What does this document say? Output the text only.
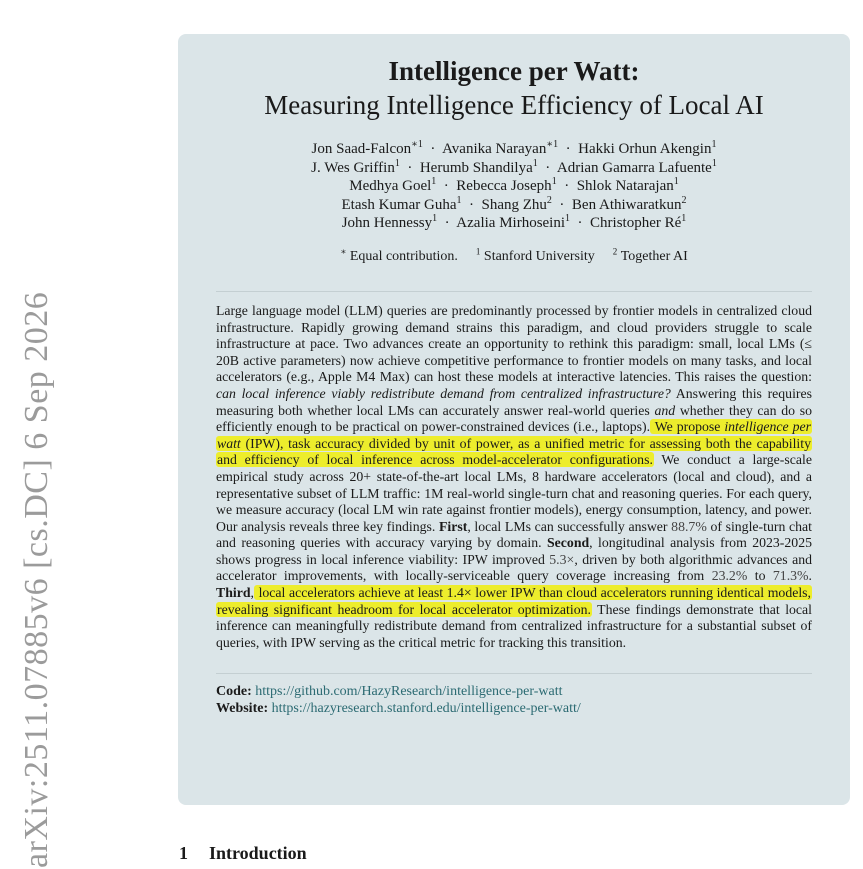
arXiv:2511.07885v6 [cs.DC] 6 Sep 2026
Intelligence per Watt:
Measuring Intelligence Efficiency of Local AI
Jon Saad-Falcon$^{∗1}$  ·  Avanika Narayan$^{∗1}$  ·  Hakki Orhun Akengin$^1$
J. Wes Griffin$^1$  ·  Herumb Shandilya$^1$  ·  Adrian Gamarra Lafuente$^1$
Medhya Goel$^1$  ·  Rebecca Joseph$^1$  ·  Shlok Natarajan$^1$
Etash Kumar Guha$^1$  ·  Shang Zhu$^2$  ·  Ben Athiwaratkun$^2$
John Hennessy$^1$  ·  Azalia Mirhoseini$^1$  ·  Christopher $Ré^1$
∗ Equal contribution. $^1$ Stanford University $^2$ Together AI
Large language model (LLM) queries are predominantly processed by frontier models in centralized cloud infrastructure. Rapidly growing demand strains this paradigm, and cloud providers struggle to scale infrastructure at pace. Two advances create an opportunity to rethink this paradigm: small, local LMs (≤ 20B active parameters) now achieve competitive performance to frontier models on many tasks, and local accelerators (e.g., Apple M4 Max) can host these models at interactive latencies. This raises the question: can local inference viably redistribute demand from centralized infrastructure? Answering this requires measuring both whether local LMs can accurately answer real-world queries and whether they can do so efficiently enough to be practical on power-constrained devices (i.e., laptops). We propose intelligence per watt (IPW), task accuracy divided by unit of power, as a unified metric for assessing both the capability and efficiency of local inference across model-accelerator configurations. We conduct a large-scale empirical study across 20+ state-of-the-art local LMs, 8 hardware accelerators (local and cloud), and a representative subset of LLM traffic: 1M real-world single-turn chat and reasoning queries. For each query, we measure accuracy (local LM win rate against frontier models), energy consumption, latency, and power. Our analysis reveals three key findings. First, local LMs can successfully answer 88.7% of single-turn chat and reasoning queries with accuracy varying by domain. Second, longitudinal analysis from 2023-2025 shows progress in local inference viability: IPW improved 5.3×, driven by both algorithmic advances and accelerator improvements, with locally-serviceable query coverage increasing from 23.2% to 71.3%. Third, local accelerators achieve at least 1.4× lower IPW than cloud accelerators running identical models, revealing significant headroom for local accelerator optimization. These findings demonstrate that local inference can meaningfully redistribute demand from centralized infrastructure for a substantial subset of queries, with IPW serving as the critical metric for tracking this transition.
Code: https://github.com/HazyResearch/intelligence-per-watt
Website: https://hazyresearch.stanford.edu/intelligence-per-watt/
1 Introduction
